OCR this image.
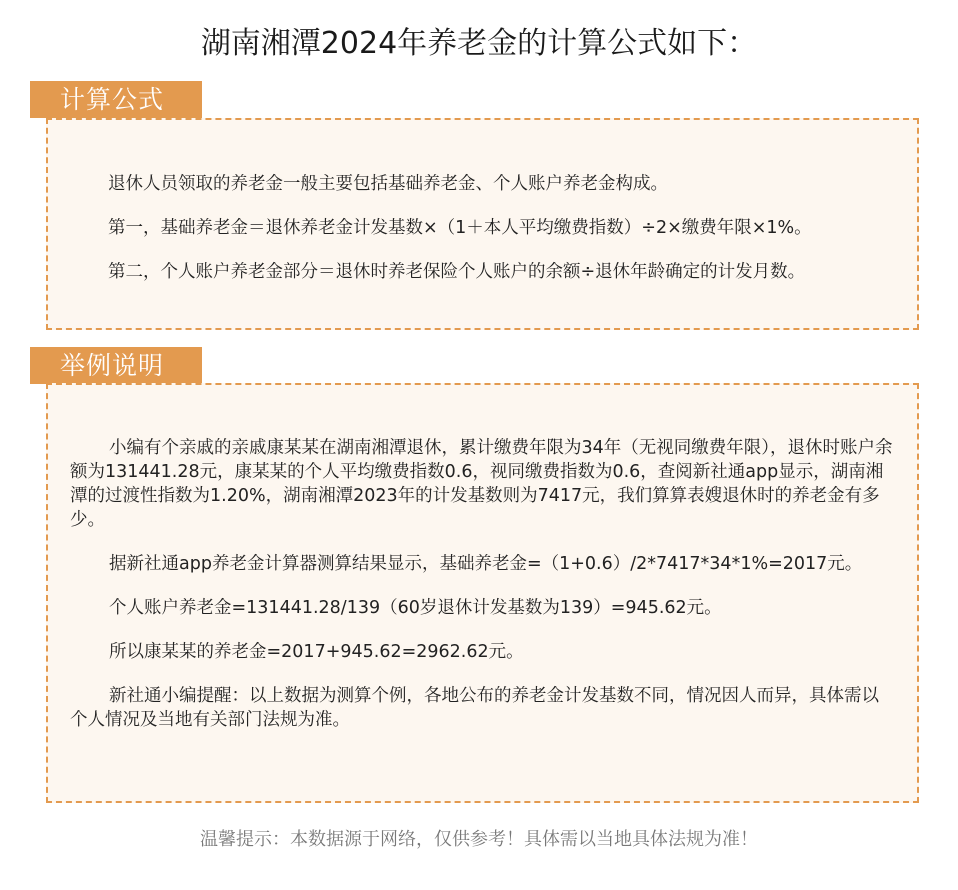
湖南湘潭2024年养老金的计算公式如下：
计算公式

退休人员领取的养老金一般主要包括基础养老金、个人账户养老金构成。

第一，基础养老金＝退休养老金计发基数×（1＋本人平均缴费指数）÷2×缴费年限×1%。

第二，个人账户养老金部分＝退休时养老保险个人账户的余额÷退休年龄确定的计发月数。

举例说明

小编有个亲戚的亲戚康某某在湖南湘潭退休，累计缴费年限为34年（无视同缴费年限），退休时账户余额为131441.28元，康某某的个人平均缴费指数0.6，视同缴费指数为0.6，查阅新社通app显示，湖南湘潭的过渡性指数为1.20%，湖南湘潭2023年的计发基数则为7417元，我们算算表嫂退休时的养老金有多少。

据新社通app养老金计算器测算结果显示，基础养老金=（1+0.6）/2*7417*34*1%=2017元。

个人账户养老金=131441.28/139（60岁退休计发基数为139）=945.62元。

所以康某某的养老金=2017+945.62=2962.62元。

新社通小编提醒：以上数据为测算个例，各地公布的养老金计发基数不同，情况因人而异，具体需以个人情况及当地有关部门法规为准。

温馨提示：本数据源于网络，仅供参考！具体需以当地具体法规为准！
